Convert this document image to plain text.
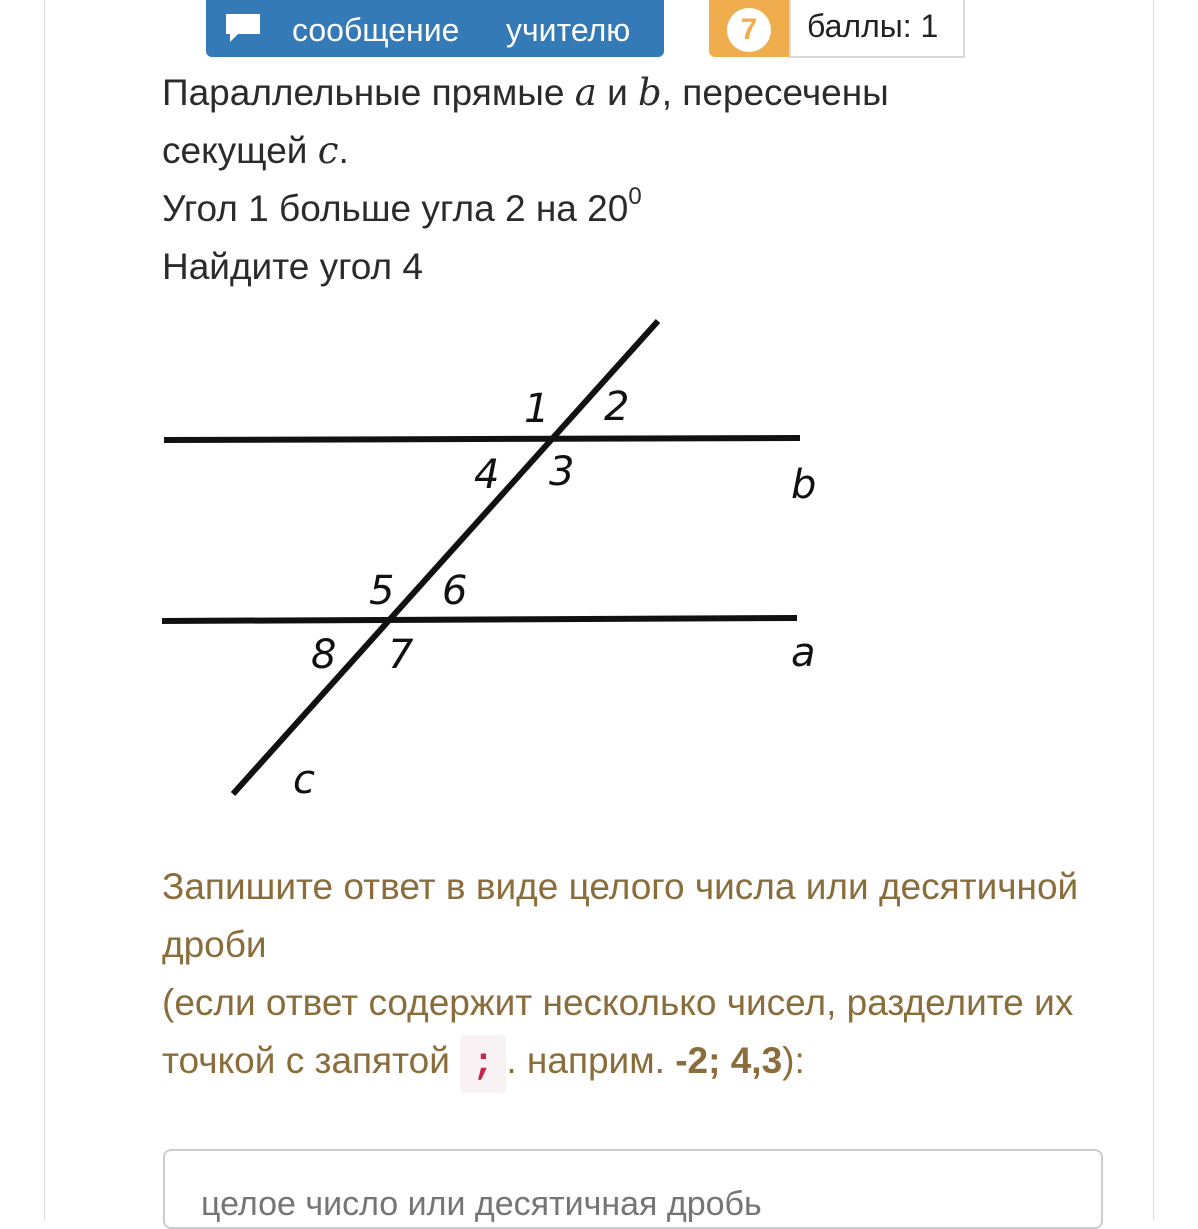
сообщение учителю	7	баллы: 1

Параллельные прямые a и b, пересечены

секущей c.

Угол 1 больше угла 2 на $20^0$

Найдите угол 4

1 2
3
4
5 6
7
8
b
a
c

Запишите ответ в виде целого числа или десятичной дроби

(если ответ содержит несколько чисел, разделите их точкой с запятой ; . наприм. -2; 4,3):

целое число или десятичная дробь
